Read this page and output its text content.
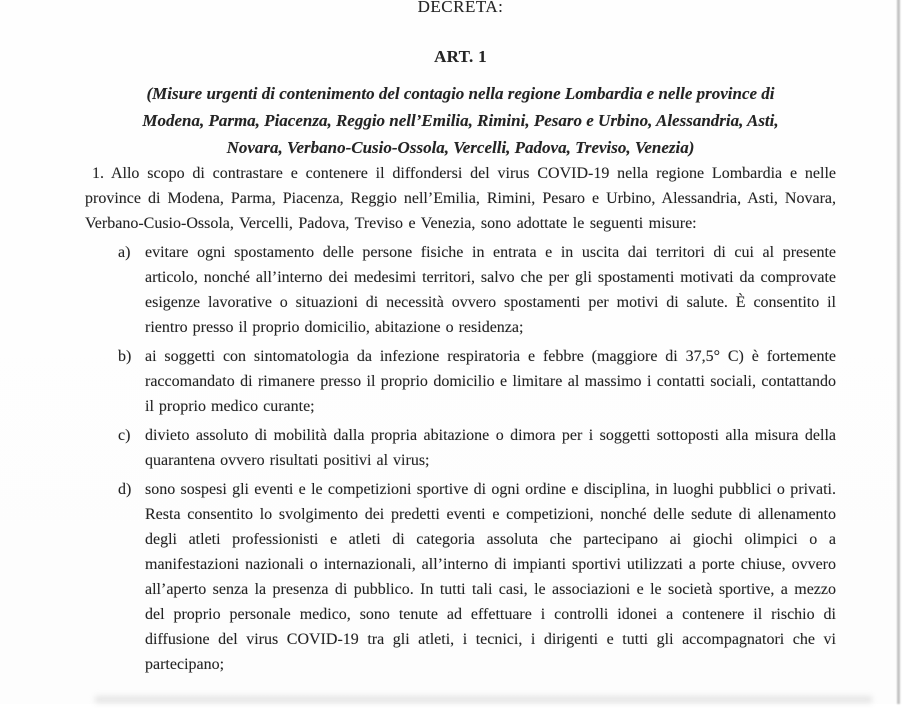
DECRETA:
ART. 1
(Misure urgenti di contenimento del contagio nella regione Lombardia e nelle province di
Modena, Parma, Piacenza, Reggio nell’Emilia, Rimini, Pesaro e Urbino, Alessandria, Asti,
Novara, Verbano-Cusio-Ossola, Vercelli, Padova, Treviso, Venezia)

1. Allo scopo di contrastare e contenere il diffondersi del virus COVID-19 nella regione Lombardia e nelle province di Modena, Parma, Piacenza, Reggio nell’Emilia, Rimini, Pesaro e Urbino, Alessandria, Asti, Novara, Verbano-Cusio-Ossola, Vercelli, Padova, Treviso e Venezia, sono adottate le seguenti misure:

a) evitare ogni spostamento delle persone fisiche in entrata e in uscita dai territori di cui al presente articolo, nonché all’interno dei medesimi territori, salvo che per gli spostamenti motivati da comprovate esigenze lavorative o situazioni di necessità ovvero spostamenti per motivi di salute. È consentito il rientro presso il proprio domicilio, abitazione o residenza;
b) ai soggetti con sintomatologia da infezione respiratoria e febbre (maggiore di 37,5° C) è fortemente raccomandato di rimanere presso il proprio domicilio e limitare al massimo i contatti sociali, contattando il proprio medico curante;
c) divieto assoluto di mobilità dalla propria abitazione o dimora per i soggetti sottoposti alla misura della quarantena ovvero risultati positivi al virus;
d) sono sospesi gli eventi e le competizioni sportive di ogni ordine e disciplina, in luoghi pubblici o privati. Resta consentito lo svolgimento dei predetti eventi e competizioni, nonché delle sedute di allenamento degli atleti professionisti e atleti di categoria assoluta che partecipano ai giochi olimpici o a manifestazioni nazionali o internazionali, all’interno di impianti sportivi utilizzati a porte chiuse, ovvero all’aperto senza la presenza di pubblico. In tutti tali casi, le associazioni e le società sportive, a mezzo del proprio personale medico, sono tenute ad effettuare i controlli idonei a contenere il rischio di diffusione del virus COVID-19 tra gli atleti, i tecnici, i dirigenti e tutti gli accompagnatori che vi partecipano;
